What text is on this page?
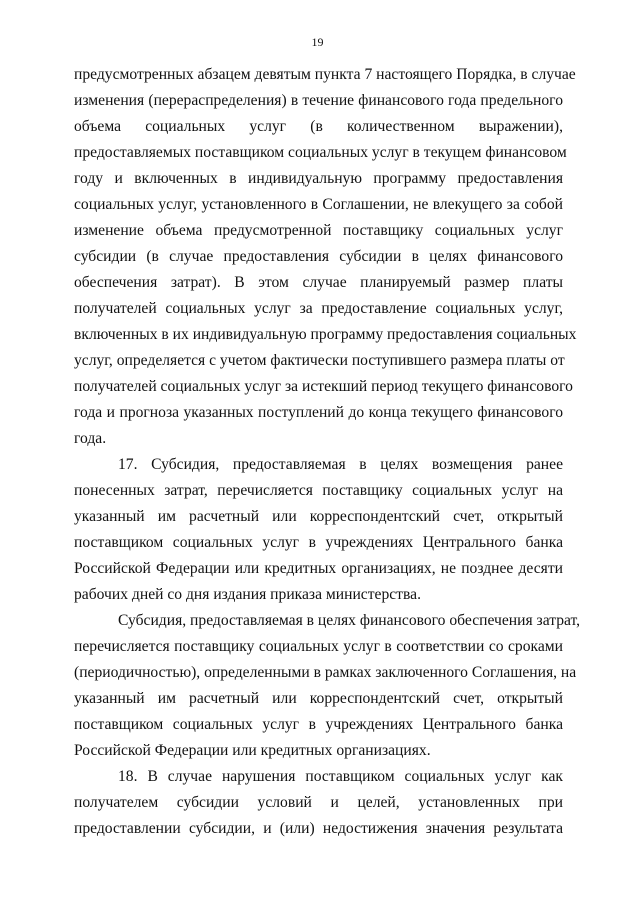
19
предусмотренных абзацем девятым пункта 7 настоящего Порядка, в случае
изменения (перераспределения) в течение финансового года предельного
объема социальных услуг (в количественном выражении),
предоставляемых поставщиком социальных услуг в текущем финансовом
году и включенных в индивидуальную программу предоставления
социальных услуг, установленного в Соглашении, не влекущего за собой
изменение объема предусмотренной поставщику социальных услуг
субсидии (в случае предоставления субсидии в целях финансового
обеспечения затрат). В этом случае планируемый размер платы
получателей социальных услуг за предоставление социальных услуг,
включенных в их индивидуальную программу предоставления социальных
услуг, определяется с учетом фактически поступившего размера платы от
получателей социальных услуг за истекший период текущего финансового
года и прогноза указанных поступлений до конца текущего финансового
года.
17. Субсидия, предоставляемая в целях возмещения ранее
понесенных затрат, перечисляется поставщику социальных услуг на
указанный им расчетный или корреспондентский счет, открытый
поставщиком социальных услуг в учреждениях Центрального банка
Российской Федерации или кредитных организациях, не позднее десяти
рабочих дней со дня издания приказа министерства.
Субсидия, предоставляемая в целях финансового обеспечения затрат,
перечисляется поставщику социальных услуг в соответствии со сроками
(периодичностью), определенными в рамках заключенного Соглашения, на
указанный им расчетный или корреспондентский счет, открытый
поставщиком социальных услуг в учреждениях Центрального банка
Российской Федерации или кредитных организациях.
18. В случае нарушения поставщиком социальных услуг как
получателем субсидии условий и целей, установленных при
предоставлении субсидии, и (или) недостижения значения результата
